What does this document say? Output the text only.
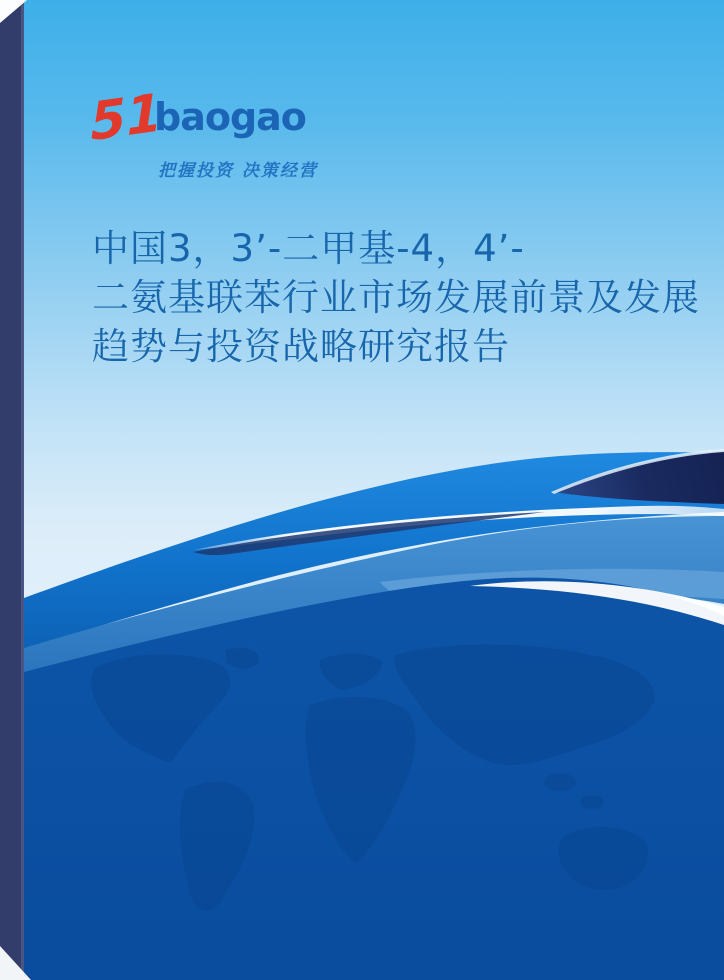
51
baogao
把握投资 决策经营
中国3，3’-二甲基-4，4’-
二氨基联苯行业市场发展前景及发展
趋势与投资战略研究报告
